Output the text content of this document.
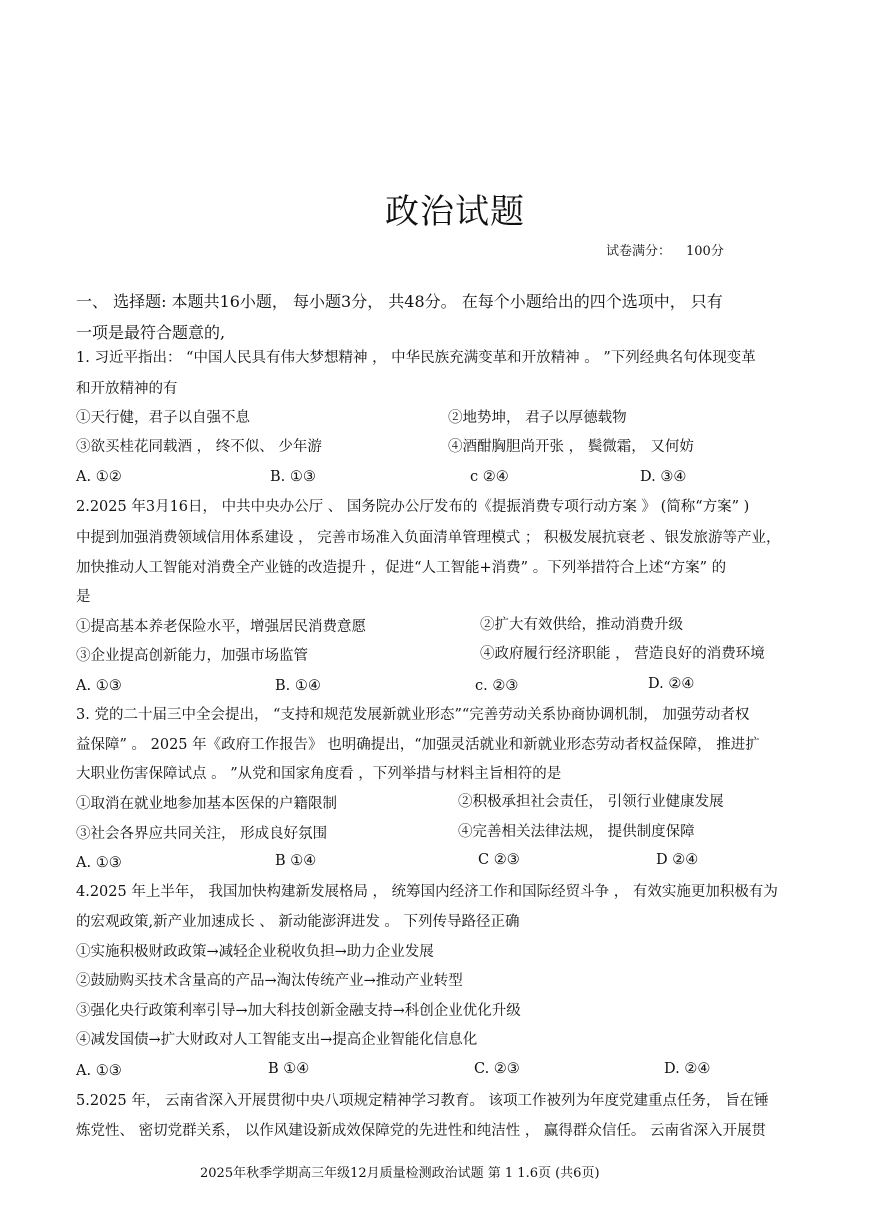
政治试题
试卷满分： 100分
一、 选择题: 本题共16小题， 每小题3分， 共48分。 在每个小题给出的四个选项中， 只有
一项是最符合题意的,
1. 习近平指出： “中国人民具有伟大梦想精神 ， 中华民族充满变革和开放精神 。 ”下列经典名句体现变革
和开放精神的有
①天行健，君子以自强不息	②地势坤， 君子以厚德载物
③欲买桂花同载酒 ， 终不似、 少年游	④酒酣胸胆尚开张 ， 鬓微霜， 又何妨
A. ①②	B. ①③	c ②④	D. ③④
2.2025 年3月16日， 中共中央办公厅 、 国务院办公厅发布的《提振消费专项行动方案 》 (简称“方案” )
中提到加强消费领域信用体系建设 ， 完善市场准入负面清单管理模式 ； 积极发展抗衰老 、银发旅游等产业，
加快推动人工智能对消费全产业链的改造提升 ，促进“人工智能+消费” 。下列举措符合上述“方案” 的
是
①提高基本养老保险水平，增强居民消费意愿	②扩大有效供给，推动消费升级
③企业提高创新能力，加强市场监管	④政府履行经济职能 ， 营造良好的消费环境
A. ①③	B. ①④	c. ②③	D. ②④
3. 党的二十届三中全会提出， “支持和规范发展新就业形态”“完善劳动关系协商协调机制， 加强劳动者权
益保障” 。 2025 年《政府工作报告》 也明确提出，“加强灵活就业和新就业形态劳动者权益保障， 推进扩
大职业伤害保障试点 。 ”从党和国家角度看 ，下列举措与材料主旨相符的是
①取消在就业地参加基本医保的户籍限制	②积极承担社会责任， 引领行业健康发展
③社会各界应共同关注， 形成良好氛围	④完善相关法律法规， 提供制度保障
A. ①③	B ①④	C ②③	D ②④
4.2025 年上半年， 我国加快构建新发展格局 ， 统筹国内经济工作和国际经贸斗争 ， 有效实施更加积极有为
的宏观政策,新产业加速成长 、 新动能澎湃进发 。 下列传导路径正确
①实施积极财政政策→减轻企业税收负担→助力企业发展
②鼓励购买技术含量高的产品→淘汰传统产业→推动产业转型
③强化央行政策利率引导→加大科技创新金融支持→科创企业优化升级
④减发国债→扩大财政对人工智能支出→提高企业智能化信息化
A. ①③	B ①④	C. ②③	D. ②④
5.2025 年， 云南省深入开展贯彻中央八项规定精神学习教育。 该项工作被列为年度党建重点任务， 旨在锤
炼党性、 密切党群关系， 以作风建设新成效保障党的先进性和纯洁性 ， 赢得群众信任。 云南省深入开展贯
2025年秋季学期高三年级12月质量检测政治试题 第 1 1.6页 (共6页)
